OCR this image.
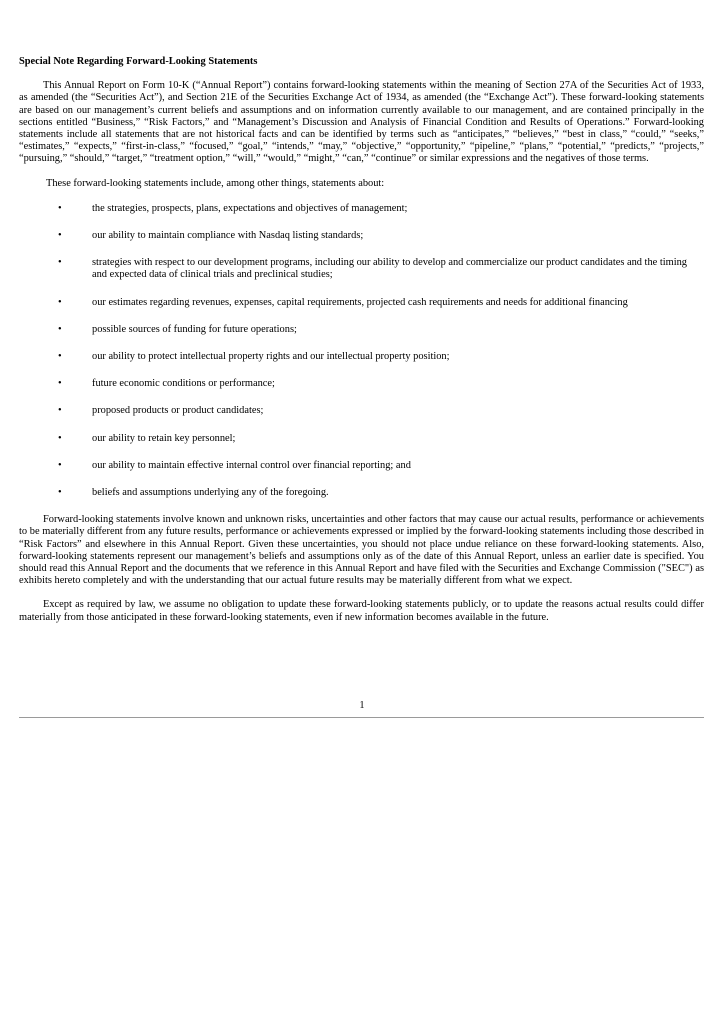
Special Note Regarding Forward-Looking Statements

This Annual Report on Form 10-K (“Annual Report”) contains forward-looking statements within the meaning of Section 27A of the Securities Act of 1933, as amended (the “Securities Act”), and Section 21E of the Securities Exchange Act of 1934, as amended (the “Exchange Act”). These forward-looking statements are based on our management’s current beliefs and assumptions and on information currently available to our management, and are contained principally in the sections entitled “Business,” “Risk Factors,” and “Management’s Discussion and Analysis of Financial Condition and Results of Operations.” Forward-looking statements include all statements that are not historical facts and can be identified by terms such as “anticipates,” “believes,” “best in class,” “could,” “seeks,” “estimates,” “expects,” “first-in-class,” “focused,” “goal,” “intends,” “may,” “objective,” “opportunity,” “pipeline,” “plans,” “potential,” “predicts,” “projects,” “pursuing,” “should,” “target,” “treatment option,” “will,” “would,” “might,” “can,” “continue” or similar expressions and the negatives of those terms.

These forward-looking statements include, among other things, statements about:

•	the strategies, prospects, plans, expectations and objectives of management;
•	our ability to maintain compliance with Nasdaq listing standards;
•	strategies with respect to our development programs, including our ability to develop and commercialize our product candidates and the timing and expected data of clinical trials and preclinical studies;
•	our estimates regarding revenues, expenses, capital requirements, projected cash requirements and needs for additional financing
•	possible sources of funding for future operations;
•	our ability to protect intellectual property rights and our intellectual property position;
•	future economic conditions or performance;
•	proposed products or product candidates;
•	our ability to retain key personnel;
•	our ability to maintain effective internal control over financial reporting; and
•	beliefs and assumptions underlying any of the foregoing.

Forward-looking statements involve known and unknown risks, uncertainties and other factors that may cause our actual results, performance or achievements to be materially different from any future results, performance or achievements expressed or implied by the forward-looking statements including those described in “Risk Factors” and elsewhere in this Annual Report. Given these uncertainties, you should not place undue reliance on these forward-looking statements. Also, forward-looking statements represent our management’s beliefs and assumptions only as of the date of this Annual Report, unless an earlier date is specified. You should read this Annual Report and the documents that we reference in this Annual Report and have filed with the Securities and Exchange Commission ("SEC") as exhibits hereto completely and with the understanding that our actual future results may be materially different from what we expect.

Except as required by law, we assume no obligation to update these forward-looking statements publicly, or to update the reasons actual results could differ materially from those anticipated in these forward-looking statements, even if new information becomes available in the future.

1
